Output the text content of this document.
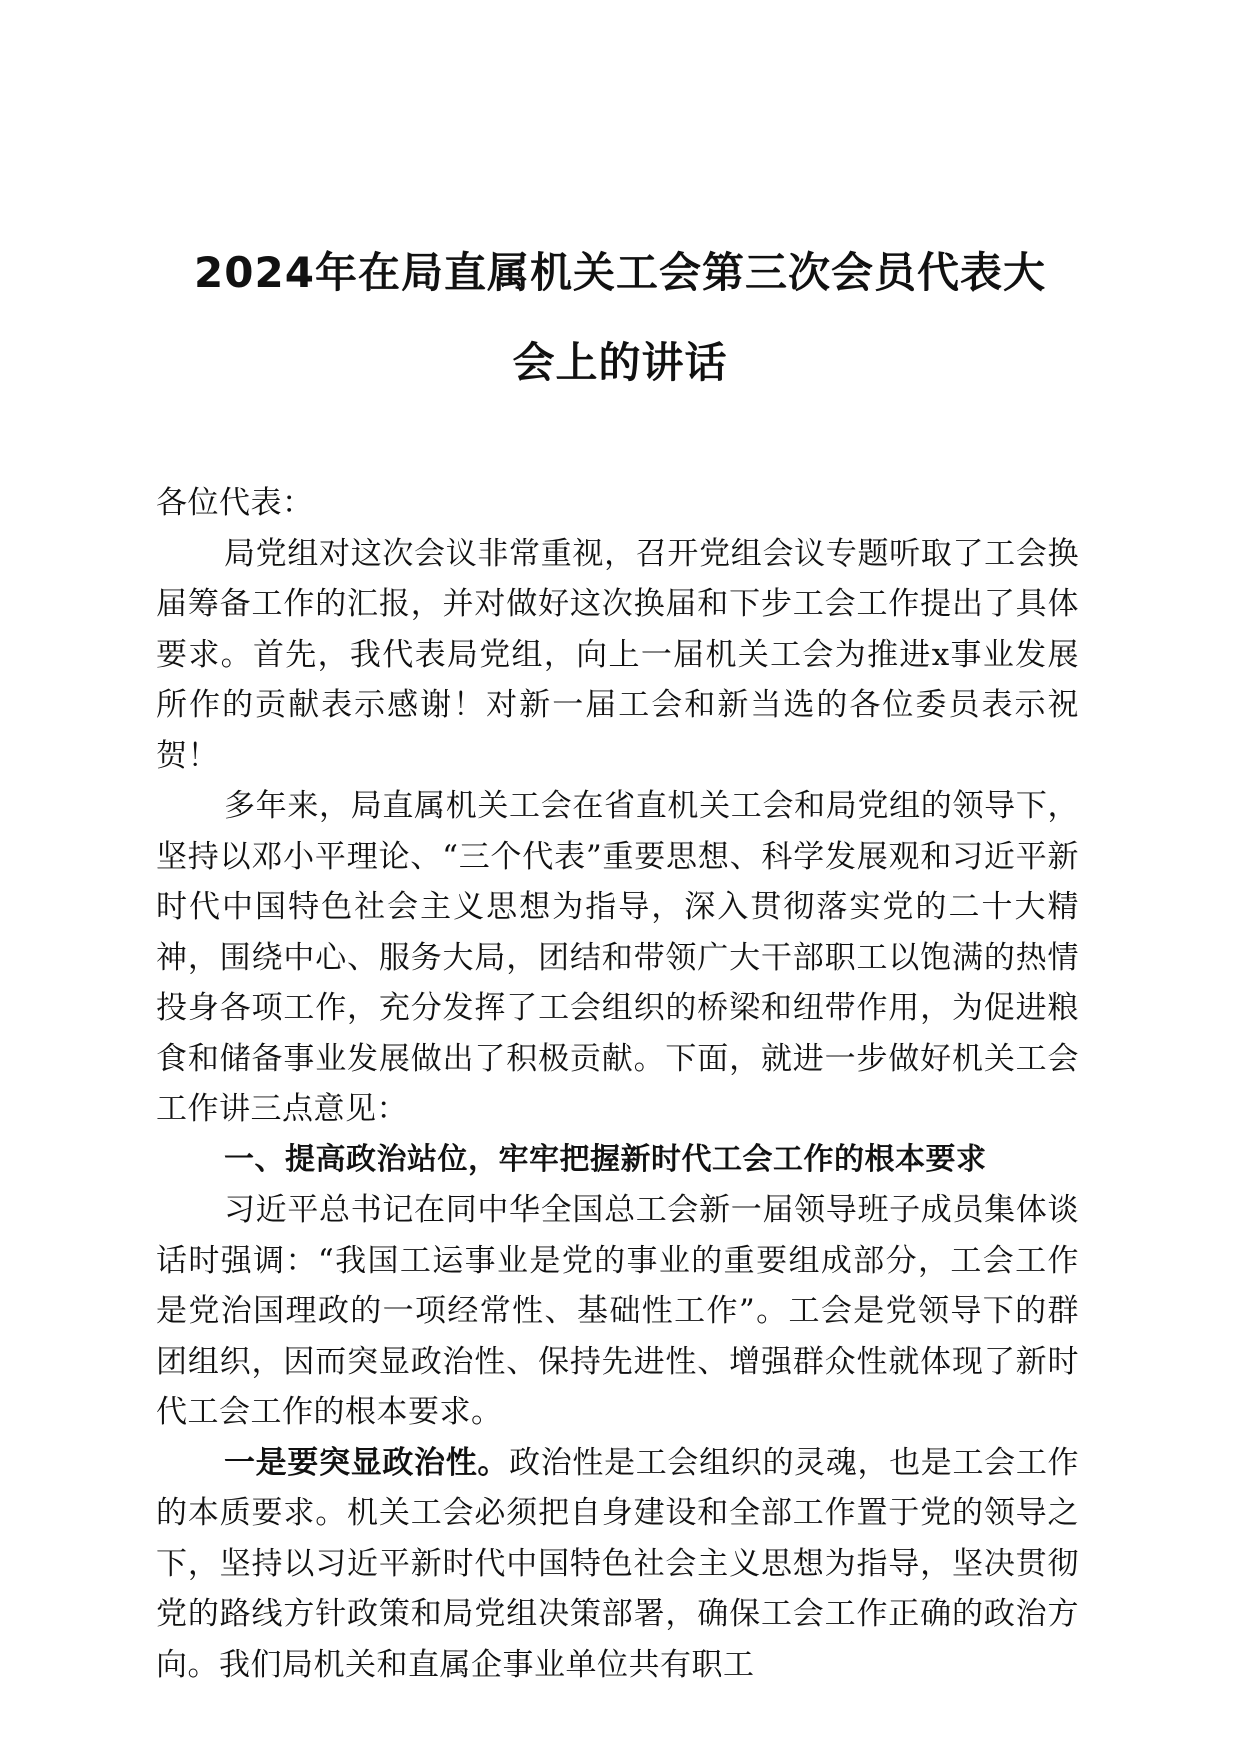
2024年在局直属机关工会第三次会员代表大
会上的讲话

各位代表：

局党组对这次会议非常重视，召开党组会议专题听取了工会换届筹备工作的汇报，并对做好这次换届和下步工会工作提出了具体要求。首先，我代表局党组，向上一届机关工会为推进x事业发展所作的贡献表示感谢！对新一届工会和新当选的各位委员表示祝贺！

多年来，局直属机关工会在省直机关工会和局党组的领导下，坚持以邓小平理论、“三个代表”重要思想、科学发展观和习近平新时代中国特色社会主义思想为指导，深入贯彻落实党的二十大精神，围绕中心、服务大局，团结和带领广大干部职工以饱满的热情投身各项工作，充分发挥了工会组织的桥梁和纽带作用，为促进粮食和储备事业发展做出了积极贡献。下面，就进一步做好机关工会工作讲三点意见：

一、提高政治站位，牢牢把握新时代工会工作的根本要求

习近平总书记在同中华全国总工会新一届领导班子成员集体谈话时强调：“我国工运事业是党的事业的重要组成部分，工会工作是党治国理政的一项经常性、基础性工作”。工会是党领导下的群团组织，因而突显政治性、保持先进性、增强群众性就体现了新时代工会工作的根本要求。

一是要突显政治性。政治性是工会组织的灵魂，也是工会工作的本质要求。机关工会必须把自身建设和全部工作置于党的领导之下，坚持以习近平新时代中国特色社会主义思想为指导，坚决贯彻党的路线方针政策和局党组决策部署，确保工会工作正确的政治方向。我们局机关和直属企事业单位共有职工
